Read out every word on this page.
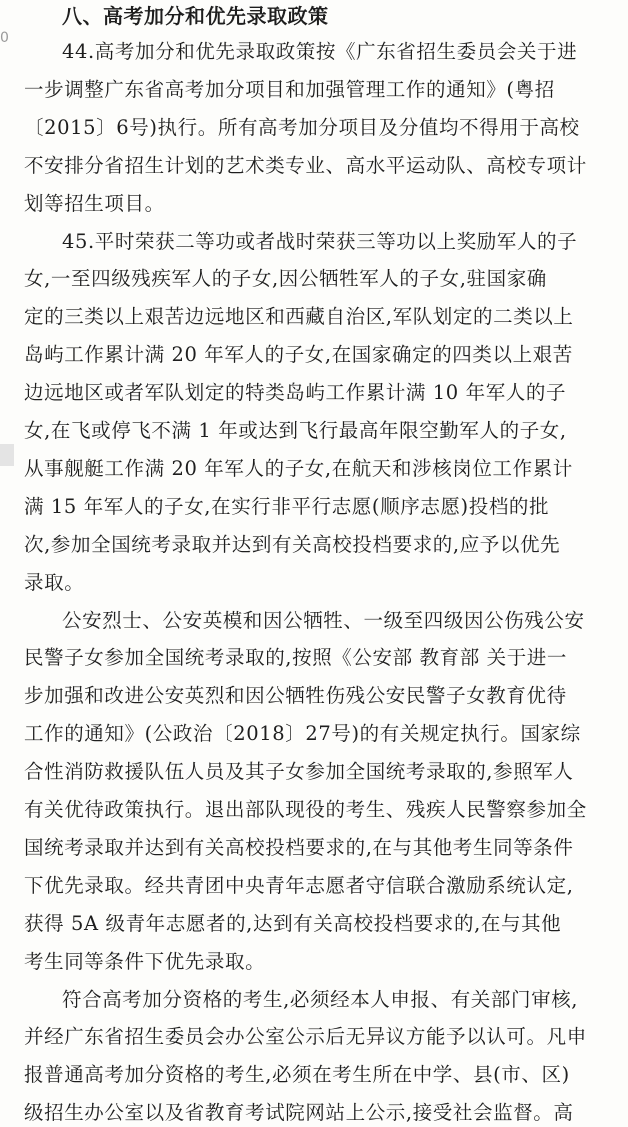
0
八、高考加分和优先录取政策
44.高考加分和优先录取政策按《广东省招生委员会关于进
一步调整广东省高考加分项目和加强管理工作的通知》(粤招
〔2015〕6号)执行。所有高考加分项目及分值均不得用于高校
不安排分省招生计划的艺术类专业、高水平运动队、高校专项计
划等招生项目。
45.平时荣获二等功或者战时荣获三等功以上奖励军人的子
女,一至四级残疾军人的子女,因公牺牲军人的子女,驻国家确
定的三类以上艰苦边远地区和西藏自治区,军队划定的二类以上
岛屿工作累计满 20 年军人的子女,在国家确定的四类以上艰苦
边远地区或者军队划定的特类岛屿工作累计满 10 年军人的子
女,在飞或停飞不满 1 年或达到飞行最高年限空勤军人的子女,
从事舰艇工作满 20 年军人的子女,在航天和涉核岗位工作累计
满 15 年军人的子女,在实行非平行志愿(顺序志愿)投档的批
次,参加全国统考录取并达到有关高校投档要求的,应予以优先
录取。
公安烈士、公安英模和因公牺牲、一级至四级因公伤残公安
民警子女参加全国统考录取的,按照《公安部 教育部 关于进一
步加强和改进公安英烈和因公牺牲伤残公安民警子女教育优待
工作的通知》(公政治〔2018〕27号)的有关规定执行。国家综
合性消防救援队伍人员及其子女参加全国统考录取的,参照军人
有关优待政策执行。退出部队现役的考生、残疾人民警察参加全
国统考录取并达到有关高校投档要求的,在与其他考生同等条件
下优先录取。经共青团中央青年志愿者守信联合激励系统认定,
获得 5A 级青年志愿者的,达到有关高校投档要求的,在与其他
考生同等条件下优先录取。
符合高考加分资格的考生,必须经本人申报、有关部门审核,
并经广东省招生委员会办公室公示后无异议方能予以认可。凡申
报普通高考加分资格的考生,必须在考生所在中学、县(市、区)
级招生办公室以及省教育考试院网站上公示,接受社会监督。高
